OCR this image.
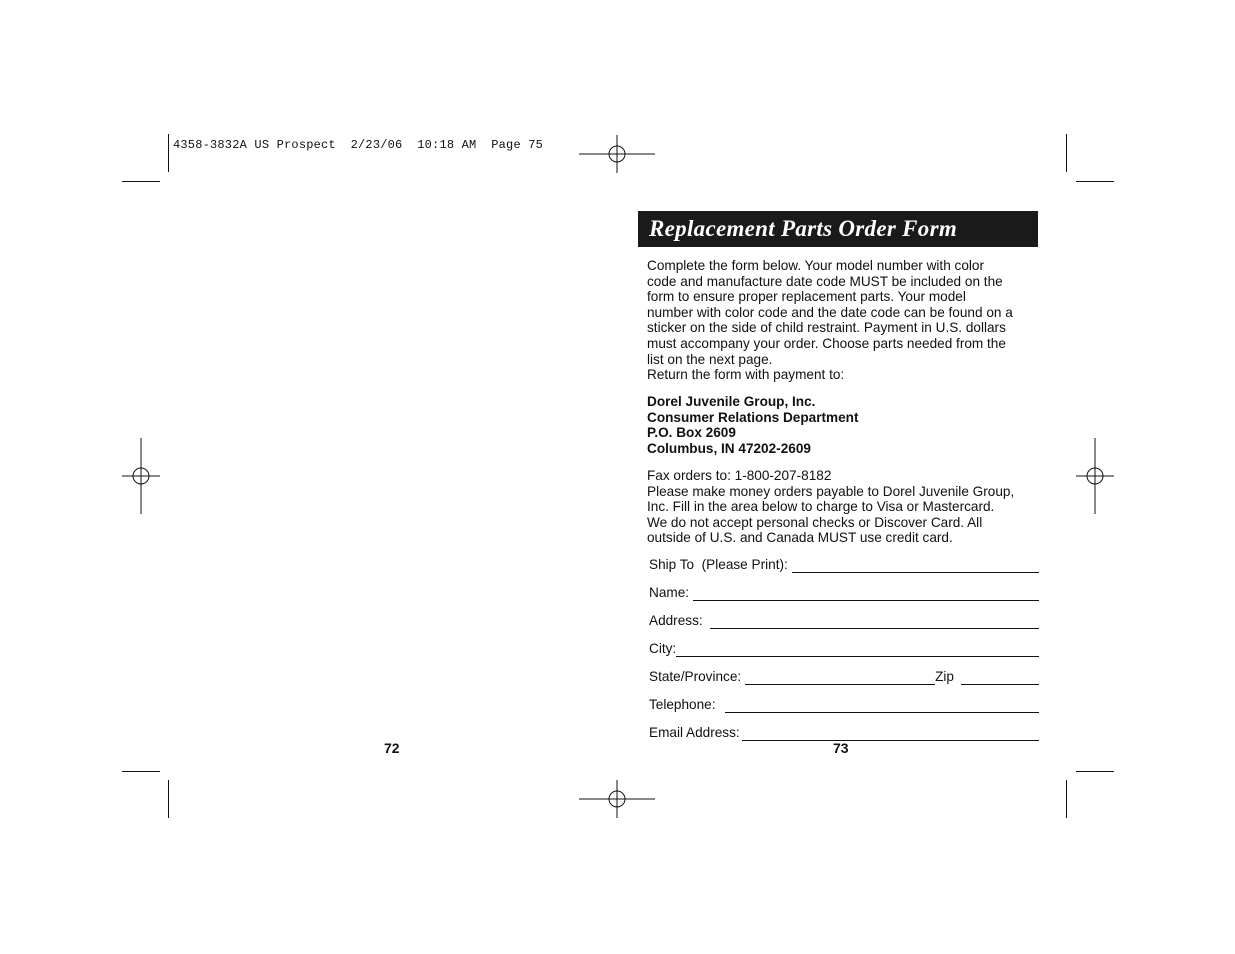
4358-3832A US Prospect  2/23/06  10:18 AM  Page 75
Replacement Parts Order Form

Complete the form below. Your model number with color

code and manufacture date code MUST be included on the

form to ensure proper replacement parts. Your model

number with color code and the date code can be found on a

sticker on the side of child restraint. Payment in U.S. dollars

must accompany your order. Choose parts needed from the

list on the next page.

Return the form with payment to:

Dorel Juvenile Group, Inc.

Consumer Relations Department

P.O. Box 2609

Columbus, IN 47202-2609

Fax orders to: 1-800-207-8182

Please make money orders payable to Dorel Juvenile Group,

Inc. Fill in the area below to charge to Visa or Mastercard.

We do not accept personal checks or Discover Card. All

outside of U.S. and Canada MUST use credit card.

Ship To  (Please Print):
Name:
Address:
City:
State/Province:	Zip
Telephone:
Email Address:
72	73
